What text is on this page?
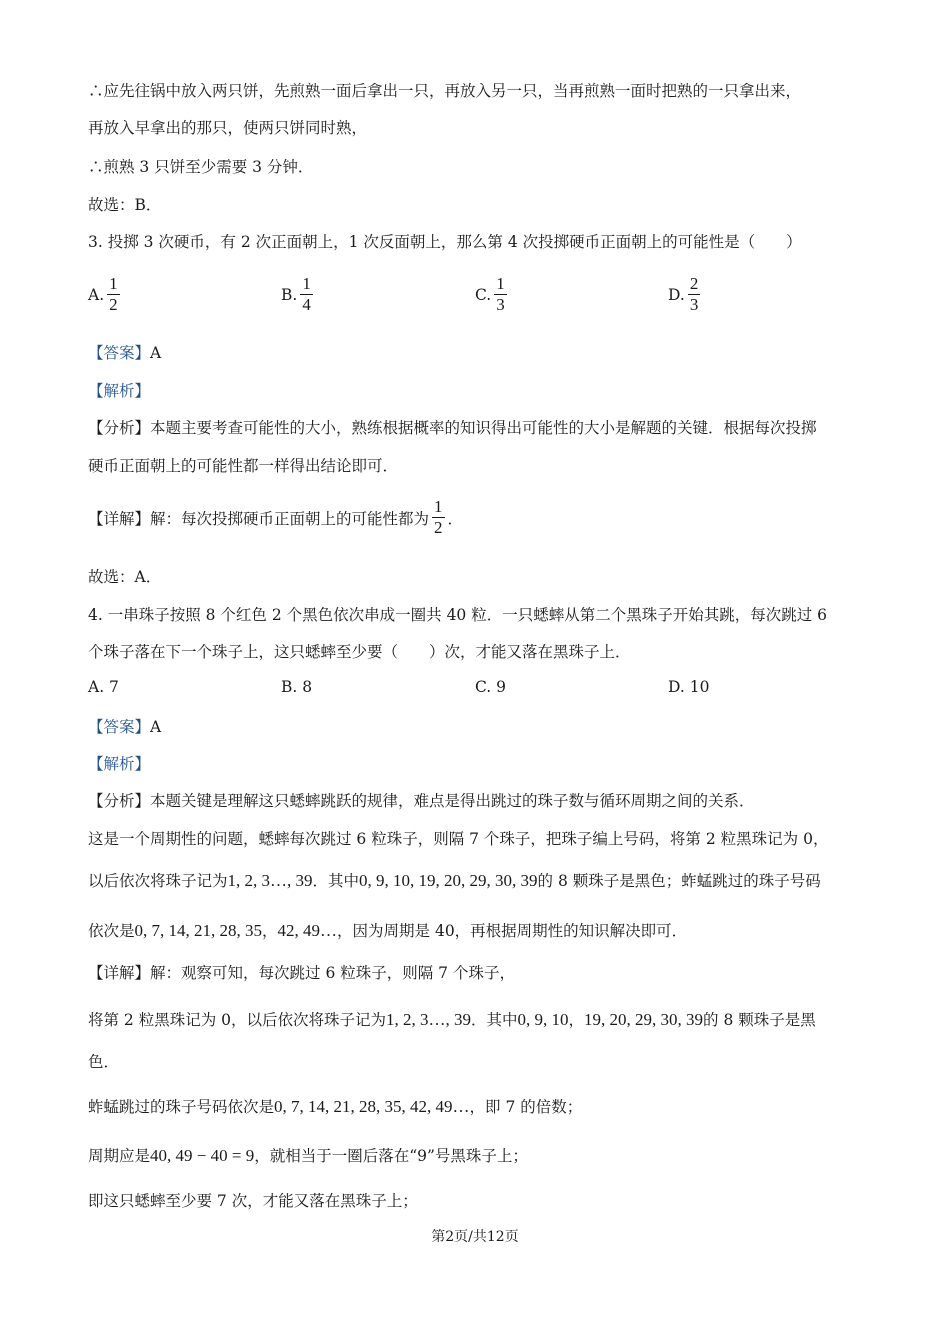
∴应先往锅中放入两只饼，先煎熟一面后拿出一只，再放入另一只，当再煎熟一面时把熟的一只拿出来，
再放入早拿出的那只，使两只饼同时熟，
∴煎熟 3 只饼至少需要 3 分钟．
故选：B．
3. 投掷 3 次硬币，有 2 次正面朝上，1 次反面朝上，那么第 4 次投掷硬币正面朝上的可能性是（　　）
A. $\frac{1}{2}$	B. $\frac{1}{4}$	C. $\frac{1}{3}$	D. $\frac{2}{3}$
【答案】A
【解析】
【分析】本题主要考查可能性的大小，熟练根据概率的知识得出可能性的大小是解题的关键．根据每次投掷
硬币正面朝上的可能性都一样得出结论即可．
【详解】 解：每次投掷硬币正面朝上的可能性都为 $\frac{1}{2}$ ．
故选：A．
4. 一串珠子按照 8 个红色 2 个黑色依次串成一圈共 40 粒．一只蟋蟀从第二个黑珠子开始其跳，每次跳过 6
个珠子落在下一个珠子上，这只蟋蟀至少要（　　）次，才能又落在黑珠子上．
A. 7	B. 8	C. 9	D. 10
【答案】A
【解析】
【分析】本题关键是理解这只蟋蟀跳跃的规律，难点是得出跳过的珠子数与循环周期之间的关系．
这是一个周期性的问题，蟋蟀每次跳过 6 粒珠子，则隔 7 个珠子，把珠子编上号码，将第 2 粒黑珠记为 0，
以后依次将珠子记为1, 2, 3…, 39．其中0, 9, 10, 19, 20, 29, 30, 39的 8 颗珠子是黑色；蚱蜢跳过的珠子号码
依次是0, 7, 14, 21, 28, 35，42, 49…，因为周期是 40，再根据周期性的知识解决即可．
【详解】解：观察可知，每次跳过 6 粒珠子，则隔 7 个珠子，
将第 2 粒黑珠记为 0，以后依次将珠子记为1, 2, 3…, 39．其中0, 9, 10，19, 20, 29, 30, 39的 8 颗珠子是黑
色．
蚱蜢跳过的珠子号码依次是0, 7, 14, 21, 28, 35, 42, 49…，即 7 的倍数；
周期应是40, 49 − 40 = 9，就相当于一圈后落在“9”号黑珠子上；
即这只蟋蟀至少要 7 次，才能又落在黑珠子上；
第2页/共12页
